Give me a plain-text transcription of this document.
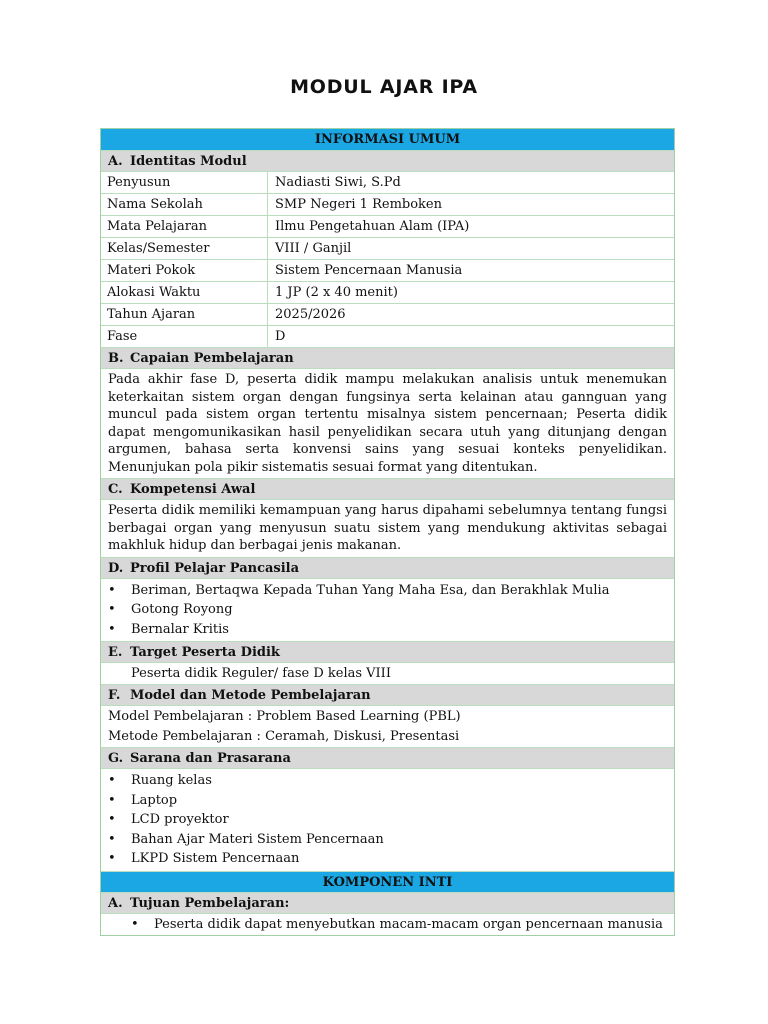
MODUL AJAR IPA
INFORMASI UMUM
A. Identitas Modul
Penyusun	Nadiasti Siwi, S.Pd
Nama Sekolah	SMP Negeri 1 Remboken
Mata Pelajaran	Ilmu Pengetahuan Alam (IPA)
Kelas/Semester	VIII / Ganjil
Materi Pokok	Sistem Pencernaan Manusia
Alokasi Waktu	1 JP (2 x 40 menit)
Tahun Ajaran	2025/2026
Fase	D
B. Capaian Pembelajaran
Pada akhir fase D, peserta didik mampu melakukan analisis untuk menemukan keterkaitan sistem organ dengan fungsinya serta kelainan atau gannguan yang muncul pada sistem organ tertentu misalnya sistem pencernaan; Peserta didik dapat mengomunikasikan hasil penyelidikan secara utuh yang ditunjang dengan argumen, bahasa serta konvensi sains yang sesuai konteks penyelidikan. Menunjukan pola pikir sistematis sesuai format yang ditentukan.
C. Kompetensi Awal
Peserta didik memiliki kemampuan yang harus dipahami sebelumnya tentang fungsi berbagai organ yang menyusun suatu sistem yang mendukung aktivitas sebagai makhluk hidup dan berbagai jenis makanan.
D. Profil Pelajar Pancasila
• Beriman, Bertaqwa Kepada Tuhan Yang Maha Esa, dan Berakhlak Mulia
• Gotong Royong
• Bernalar Kritis
E. Target Peserta Didik
Peserta didik Reguler/ fase D kelas VIII
F. Model dan Metode Pembelajaran
Model Pembelajaran : Problem Based Learning (PBL)
Metode Pembelajaran : Ceramah, Diskusi, Presentasi
G. Sarana dan Prasarana
• Ruang kelas
• Laptop
• LCD proyektor
• Bahan Ajar Materi Sistem Pencernaan
• LKPD Sistem Pencernaan
KOMPONEN INTI
A. Tujuan Pembelajaran:
• Peserta didik dapat menyebutkan macam-macam organ pencernaan manusia
